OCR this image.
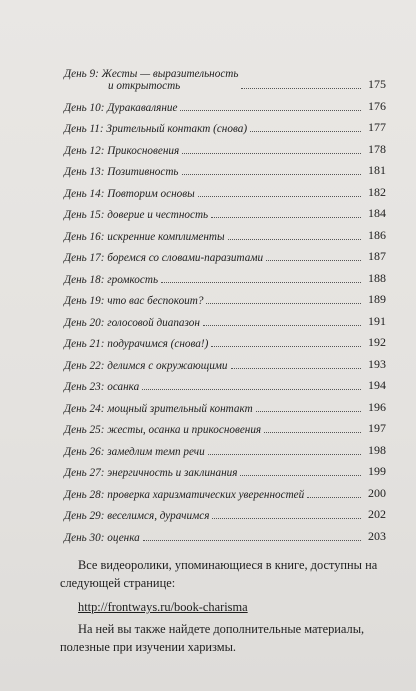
День 9: Жесты — выразительность
и открытость	175
День 10: Дуракаваляние	176
День 11: Зрительный контакт (снова)	177
День 12: Прикосновения	178
День 13: Позитивность	181
День 14: Повторим основы	182
День 15: доверие и честность	184
День 16: искренние комплименты	186
День 17: боремся со словами-паразитами	187
День 18: громкость	188
День 19: что вас беспокоит?	189
День 20: голосовой диапазон	191
День 21: подурачимся (снова!)	192
День 22: делимся с окружающими	193
День 23: осанка	194
День 24: мощный зрительный контакт	196
День 25: жесты, осанка и прикосновения	197
День 26: замедлим темп речи	198
День 27: энергичность и заклинания	199
День 28: проверка харизматических уверенностей	200
День 29: веселимся, дурачимся	202
День 30: оценка	203

Все видеоролики, упоминающиеся в книге, доступны на следующей странице:

http://frontways.ru/book-charisma

На ней вы также найдете дополнительные материалы, полезные при изучении харизмы.
